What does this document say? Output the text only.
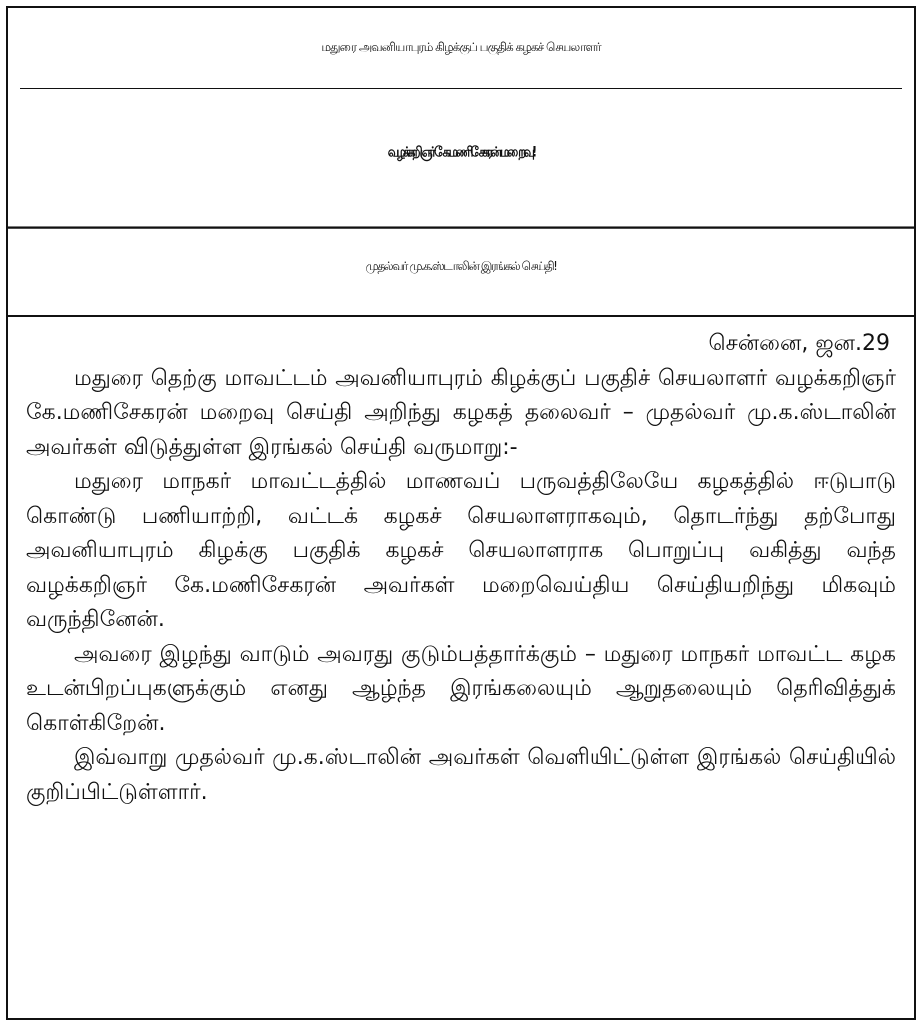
மதுரை அவனியாபுரம் கிழக்குப் பகுதிக் கழகச் செயலாளர்
வழக்கறிஞர் கே.மணிசேகரன் மறைவு!
முதல்வர் மு.க.ஸ்டாலின் இரங்கல் செய்தி!

சென்னை, ஜன.29

மதுரை தெற்கு மாவட்டம் அவனியாபுரம் கிழக்குப் பகுதிச் செயலாளர் வழக்கறிஞர் கே.மணிசேகரன் மறைவு செய்தி அறிந்து கழகத் தலைவர் – முதல்வர் மு.க.ஸ்டாலின் அவர்கள் விடுத்துள்ள இரங்கல் செய்தி வருமாறு:-

மதுரை மாநகர் மாவட்டத்தில் மாணவப் பருவத்திலேயே கழகத்தில் ஈடுபாடு கொண்டு பணியாற்றி, வட்டக் கழகச் செயலாளராகவும், தொடர்ந்து தற்போது அவனியாபுரம் கிழக்கு பகுதிக் கழகச் செயலாளராக பொறுப்பு வகித்து வந்த வழக்கறிஞர் கே.மணிசேகரன் அவர்கள் மறைவெய்திய செய்தியறிந்து மிகவும் வருந்தினேன்.

அவரை இழந்து வாடும் அவரது குடும்பத்தார்க்கும் – மதுரை மாநகர் மாவட்ட கழக உடன்பிறப்புகளுக்கும் எனது ஆழ்ந்த இரங்கலையும் ஆறுதலையும் தெரிவித்துக் கொள்கிறேன்.

இவ்வாறு முதல்வர் மு.க.ஸ்டாலின் அவர்கள் வெளியிட்டுள்ள இரங்கல் செய்தியில் குறிப்பிட்டுள்ளார்.
